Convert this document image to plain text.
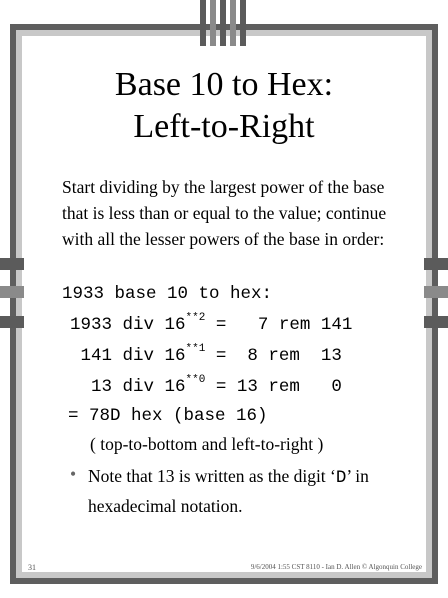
Base 10 to Hex:
Left-to-Right
Start dividing by the largest power of the base that is less than or equal to the value; continue with all the lesser powers of the base in order:
1933 base 10 to hex:
1933 div $16^{**2} = 7$ rem 141
141 div $16^{**1} = 8$ rem  13
13 div $16^{**0} = 13$ rem   0
= 78D hex (base 16)
( top-to-bottom and left-to-right )
• Note that 13 is written as the digit ‘D’ in hexadecimal notation.
31	9/6/2004 1:55 CST 8110 - Ian D. Allen © Algonquin College
